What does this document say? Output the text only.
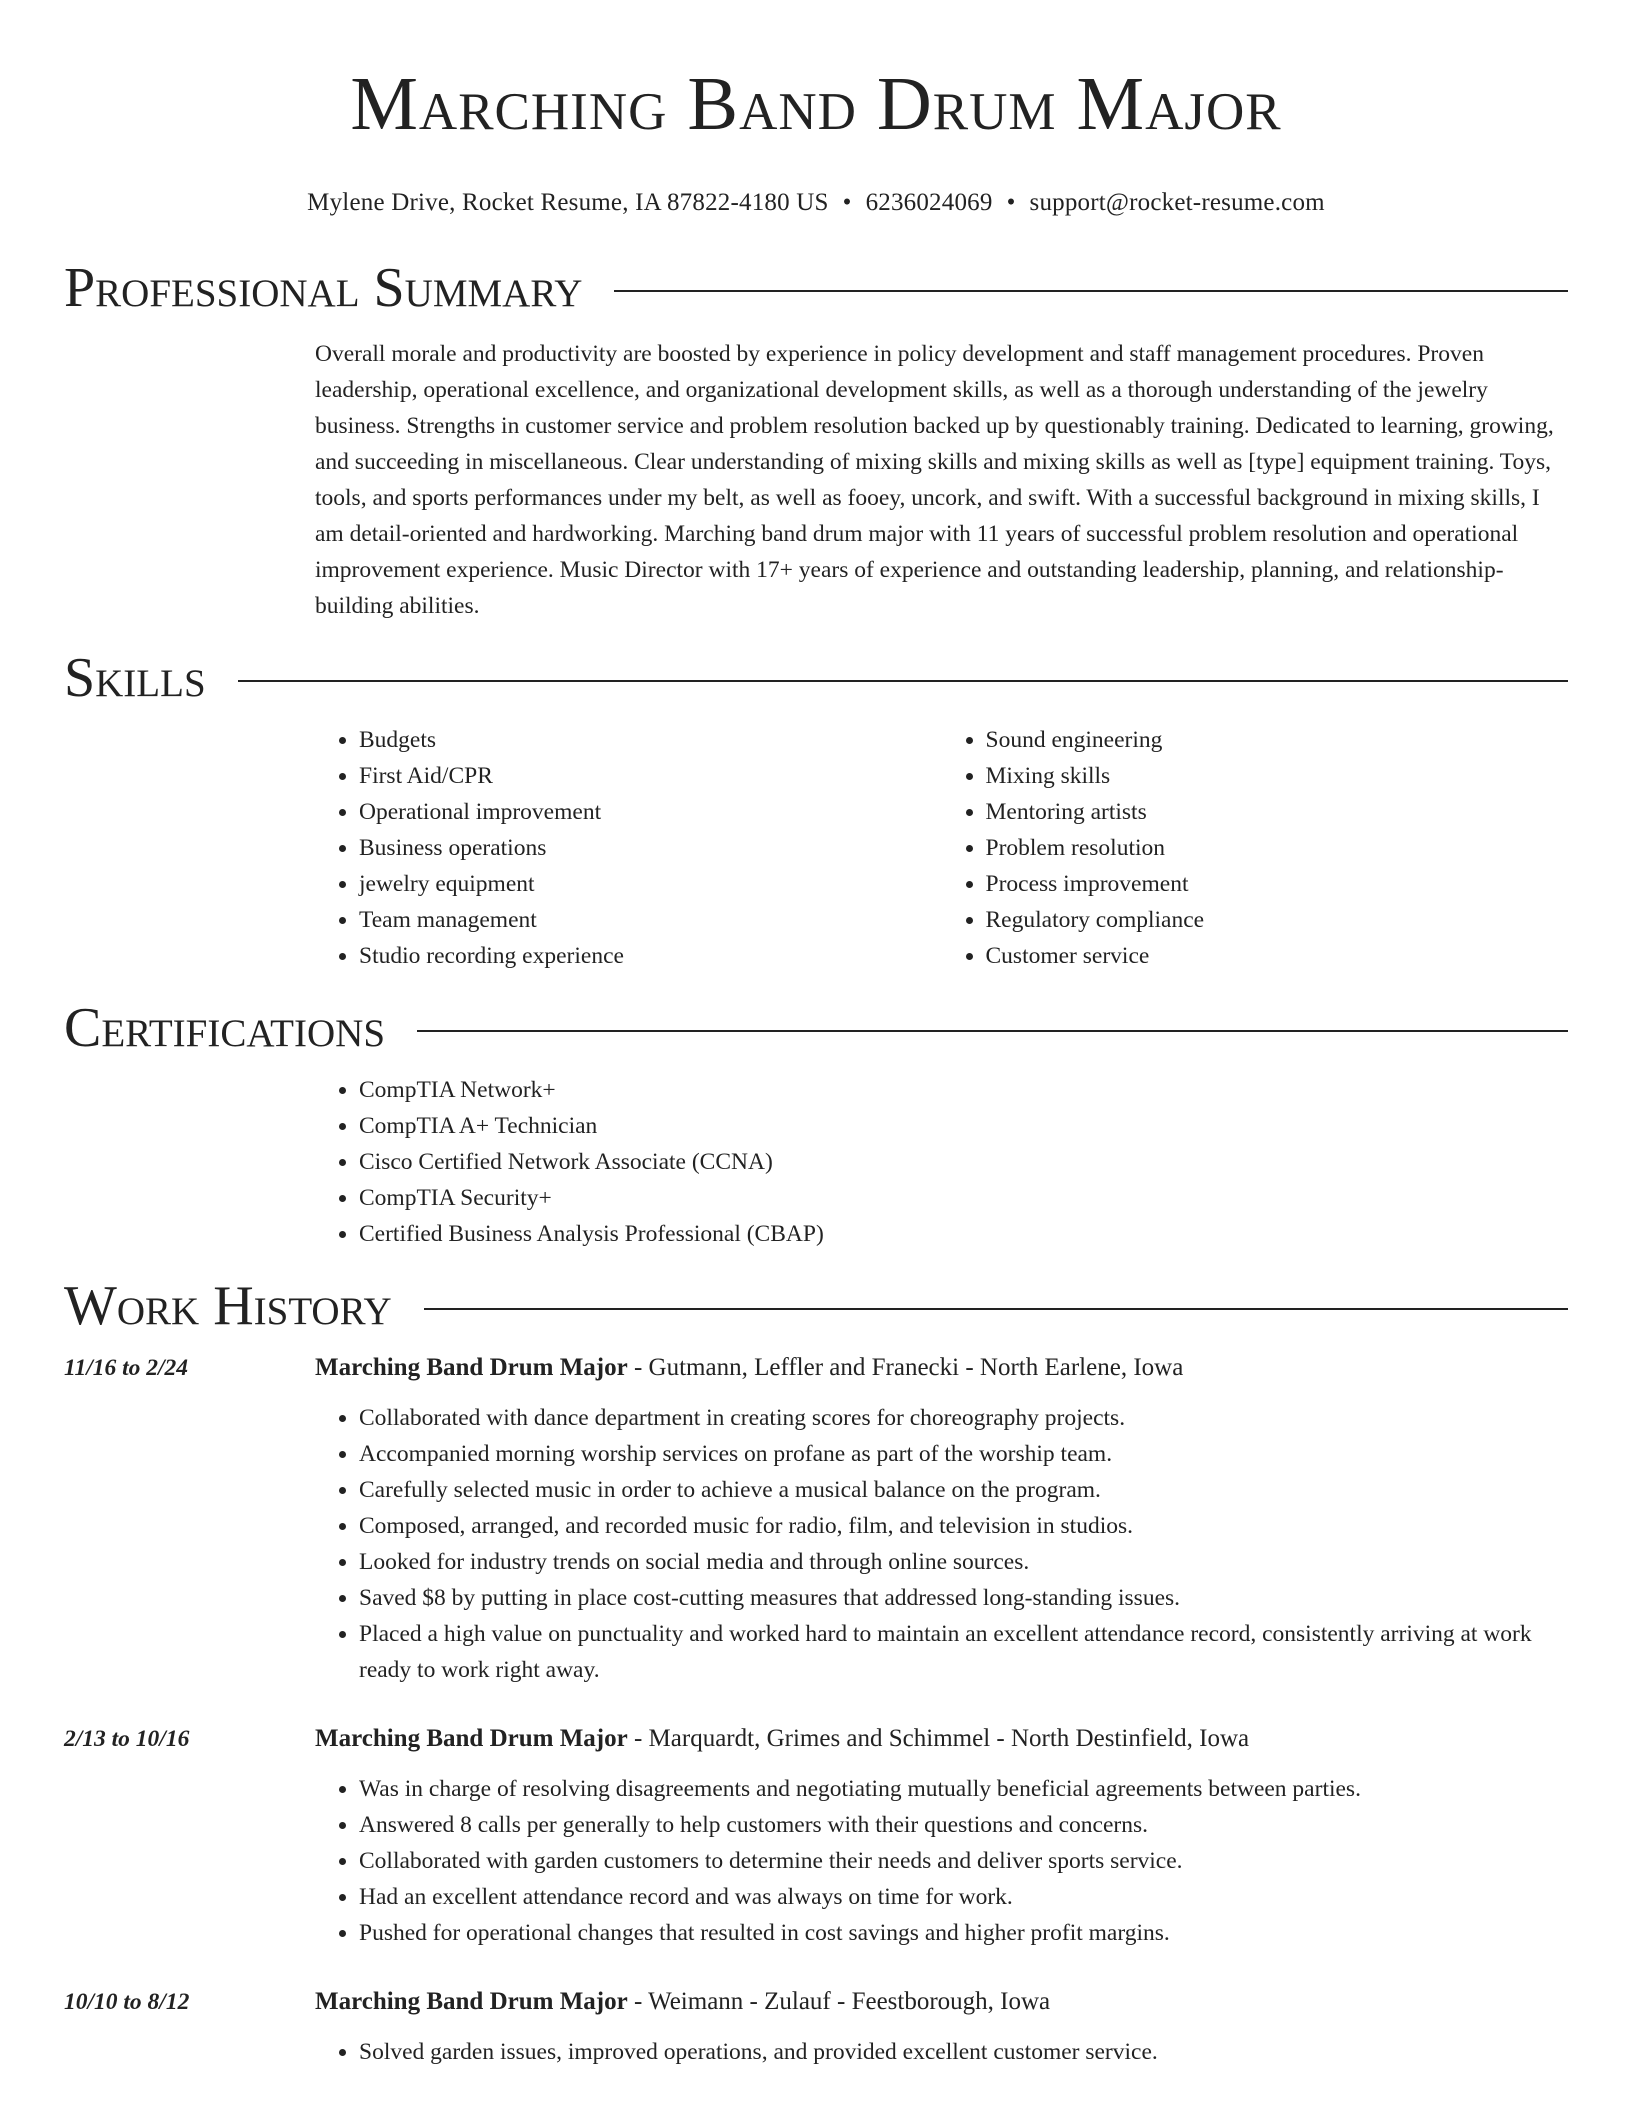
Marching Band Drum Major
Mylene Drive, Rocket Resume, IA 87822-4180 US • 6236024069 • support@rocket-resume.com
Professional Summary
Overall morale and productivity are boosted by experience in policy development and staff management procedures. Proven leadership, operational excellence, and organizational development skills, as well as a thorough understanding of the jewelry business. Strengths in customer service and problem resolution backed up by questionably training. Dedicated to learning, growing, and succeeding in miscellaneous. Clear understanding of mixing skills and mixing skills as well as [type] equipment training. Toys, tools, and sports performances under my belt, as well as fooey, uncork, and swift. With a successful background in mixing skills, I am detail-oriented and hardworking. Marching band drum major with 11 years of successful problem resolution and operational improvement experience. Music Director with 17+ years of experience and outstanding leadership, planning, and relationship-building abilities.
Skills
• Budgets
• First Aid/CPR
• Operational improvement
• Business operations
• jewelry equipment
• Team management
• Studio recording experience
• Sound engineering
• Mixing skills
• Mentoring artists
• Problem resolution
• Process improvement
• Regulatory compliance
• Customer service
Certifications
• CompTIA Network+
• CompTIA A+ Technician
• Cisco Certified Network Associate (CCNA)
• CompTIA Security+
• Certified Business Analysis Professional (CBAP)
Work History
11/16 to 2/24	Marching Band Drum Major - Gutmann, Leffler and Franecki - North Earlene, Iowa
• Collaborated with dance department in creating scores for choreography projects.
• Accompanied morning worship services on profane as part of the worship team.
• Carefully selected music in order to achieve a musical balance on the program.
• Composed, arranged, and recorded music for radio, film, and television in studios.
• Looked for industry trends on social media and through online sources.
• Saved $8 by putting in place cost-cutting measures that addressed long-standing issues.
• Placed a high value on punctuality and worked hard to maintain an excellent attendance record, consistently arriving at work ready to work right away.
2/13 to 10/16	Marching Band Drum Major - Marquardt, Grimes and Schimmel - North Destinfield, Iowa
• Was in charge of resolving disagreements and negotiating mutually beneficial agreements between parties.
• Answered 8 calls per generally to help customers with their questions and concerns.
• Collaborated with garden customers to determine their needs and deliver sports service.
• Had an excellent attendance record and was always on time for work.
• Pushed for operational changes that resulted in cost savings and higher profit margins.
10/10 to 8/12	Marching Band Drum Major - Weimann - Zulauf - Feestborough, Iowa
• Solved garden issues, improved operations, and provided excellent customer service.
